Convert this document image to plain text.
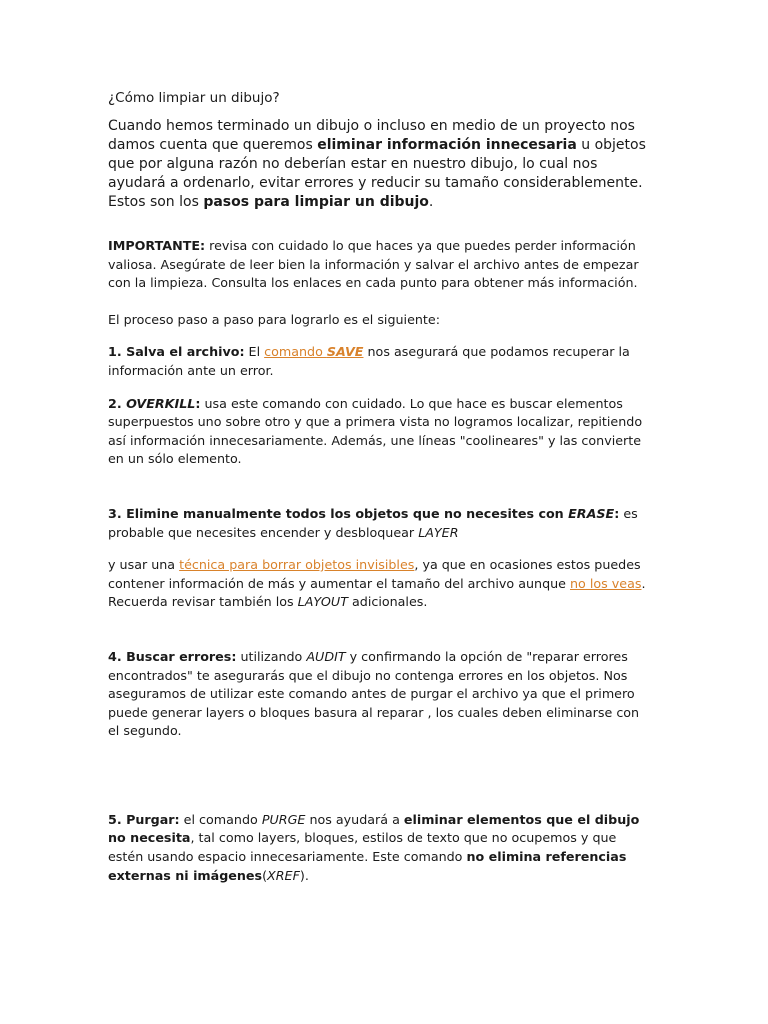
¿Cómo limpiar un dibujo?

Cuando hemos terminado un dibujo o incluso en medio de un proyecto nos damos cuenta que queremos eliminar información innecesaria u objetos que por alguna razón no deberían estar en nuestro dibujo, lo cual nos ayudará a ordenarlo, evitar errores y reducir su tamaño considerablemente. Estos son los pasos para limpiar un dibujo.

IMPORTANTE: revisa con cuidado lo que haces ya que puedes perder información valiosa. Asegúrate de leer bien la información y salvar el archivo antes de empezar con la limpieza. Consulta los enlaces en cada punto para obtener más información.

El proceso paso a paso para lograrlo es el siguiente:

1. Salva el archivo: El comando SAVE nos asegurará que podamos recuperar la información ante un error.

2. OVERKILL: usa este comando con cuidado. Lo que hace es buscar elementos superpuestos uno sobre otro y que a primera vista no logramos localizar, repitiendo así información innecesariamente. Además, une líneas "coolineares" y las convierte en un sólo elemento.

3. Elimine manualmente todos los objetos que no necesites con ERASE: es probable que necesites encender y desbloquear LAYER

y usar una técnica para borrar objetos invisibles, ya que en ocasiones estos puedes contener información de más y aumentar el tamaño del archivo aunque no los veas. Recuerda revisar también los LAYOUT adicionales.

4. Buscar errores: utilizando AUDIT y confirmando la opción de "reparar errores encontrados" te asegurarás que el dibujo no contenga errores en los objetos. Nos aseguramos de utilizar este comando antes de purgar el archivo ya que el primero puede generar layers o bloques basura al reparar , los cuales deben eliminarse con el segundo.

5. Purgar: el comando PURGE nos ayudará a eliminar elementos que el dibujo no necesita, tal como layers, bloques, estilos de texto que no ocupemos y que estén usando espacio innecesariamente. Este comando no elimina referencias externas ni imágenes(XREF).
